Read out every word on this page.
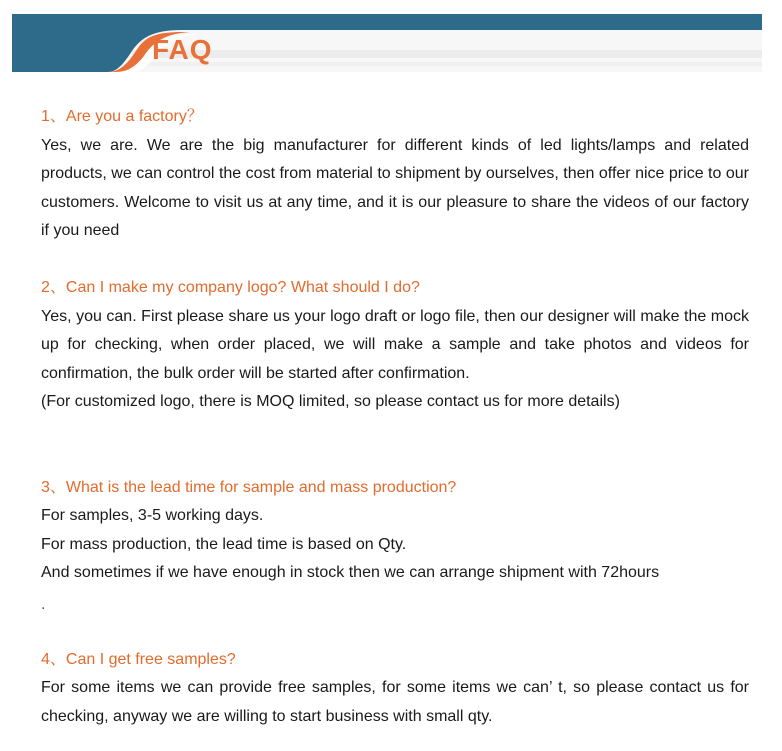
FAQ
1、Are you a factory？

Yes, we are. We are the big manufacturer for different kinds of led lights/lamps and related products, we can control the cost from material to shipment by ourselves, then offer nice price to our customers. Welcome to visit us at any time, and it is our pleasure to share the videos of our factory if you need

2、Can I make my company logo? What should I do?

Yes, you can. First please share us your logo draft or logo file, then our designer will make the mock up for checking, when order placed, we will make a sample and take photos and videos for confirmation, the bulk order will be started after confirmation.

(For customized logo, there is MOQ limited, so please contact us for more details)

3、What is the lead time for sample and mass production?

For samples, 3-5 working days.

For mass production, the lead time is based on Qty.

And sometimes if we have enough in stock then we can arrange shipment with 72hours

.
4、Can I get free samples?

For some items we can provide free samples, for some items we can’ t, so please contact us for checking, anyway we are willing to start business with small qty.
